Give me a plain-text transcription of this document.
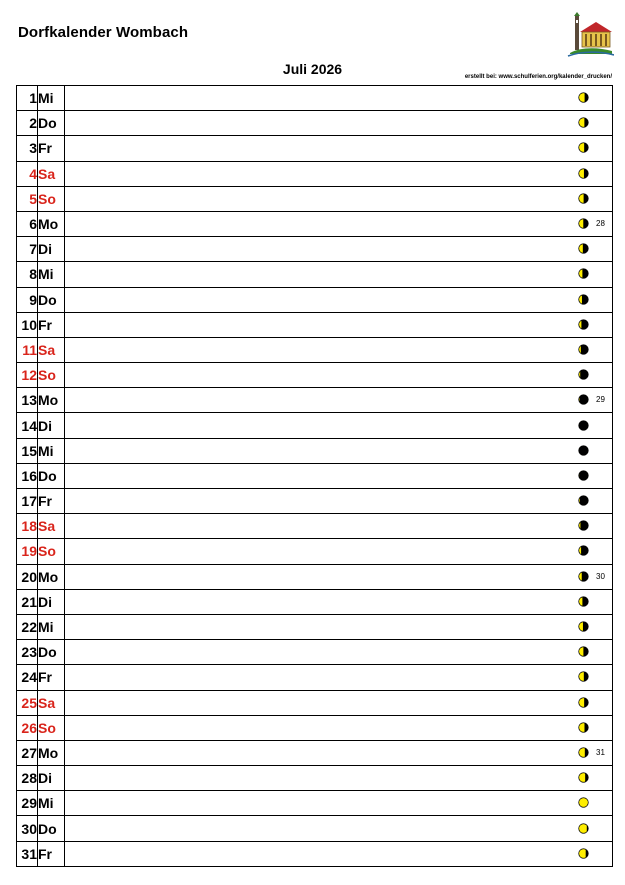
Dorfkalender Wombach
Juli 2026	erstellt bei: www.schulferien.org/kalender_drucken/
1	Mi	

2	Do	

3	Fr	

4	Sa	

5	So	

6	Mo	28

7	Di	

8	Mi	

9	Do	

10	Fr	

11	Sa	

12	So	

13	Mo	29

14	Di	

15	Mi	

16	Do	

17	Fr	

18	Sa	

19	So	

20	Mo	30

21	Di	

22	Mi	

23	Do	

24	Fr	

25	Sa	

26	So	

27	Mo	31

28	Di	

29	Mi	

30	Do	

31	Fr	
